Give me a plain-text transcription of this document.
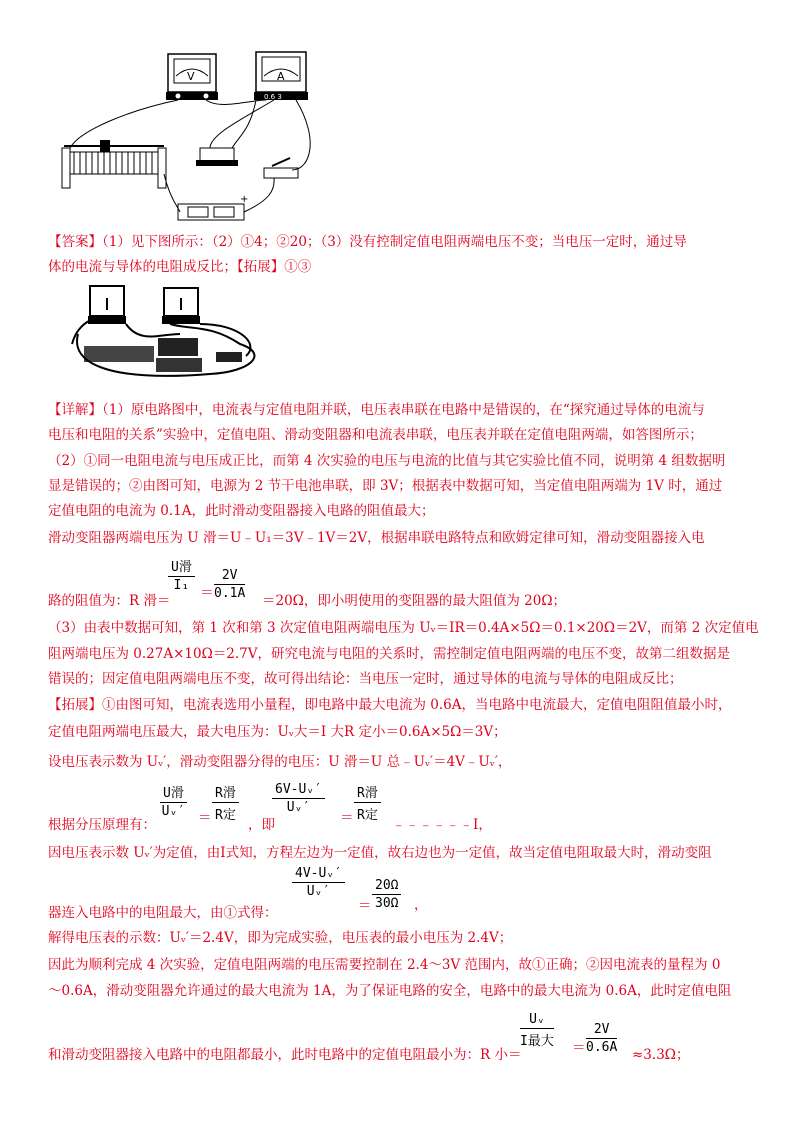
V	A
0.6 3
+
【答案】（1）见下图所示：（2）①4；②20；（3）没有控制定值电阻两端电压不变；当电压一定时，通过导
体的电流与导体的电阻成反比；【拓展】①③
【详解】（1）原电路图中，电流表与定值电阻并联，电压表串联在电路中是错误的，在“探究通过导体的电流与
电压和电阻的关系”实验中，定值电阻、滑动变阻器和电流表串联，电压表并联在定值电阻两端，如答图所示；
（2）①同一电阻电流与电压成正比，而第 4 次实验的电压与电流的比值与其它实验比值不同，说明第 4 组数据明
显是错误的；②由图可知，电源为 2 节干电池串联，即 3V；根据表中数据可知，当定值电阻两端为 1V 时，通过
定值电阻的电流为 0.1A，此时滑动变阻器接入电路的阻值最大；
滑动变阻器两端电压为 U 滑＝U﹣U₁＝3V﹣1V＝2V，根据串联电路特点和欧姆定律可知，滑动变阻器接入电
路的阻值为：R 滑＝
U滑
$I_1 = \frac{2V}{0.1A} =20\Omega$，即小明使用的变阻器的最大阻值为 20Ω；
（3）由表中数据可知，第 1 次和第 3 次定值电阻两端电压为 Uᵥ＝IR＝0.4A×5Ω＝0.1×20Ω＝2V，而第 2 次定值电
阻两端电压为 0.27A×10Ω＝2.7V，研究电流与电阻的关系时，需控制定值电阻两端的电压不变，故第二组数据是
错误的；因定值电阻两端电压不变，故可得出结论：当电压一定时，通过导体的电流与导体的电阻成反比；
【拓展】①由图可知，电流表选用小量程，即电路中最大电流为 0.6A，当电路中电流最大，定值电阻阻值最小时，
定值电阻两端电压最大，最大电压为：Uᵥ大＝I 大R 定小＝0.6A×5Ω＝3V；
设电压表示数为 Uᵥ′，滑动变阻器分得的电压：U 滑＝U 总﹣Uᵥ′＝4V﹣Uᵥ′，
根据分压原理有：
U滑
Uᵥ′ ＝
R滑
R定
，即
$\frac{\text{6V-Uᵥ′}}{\text{Uᵥ′}}$
＝
R滑
R定
﹣﹣﹣﹣﹣﹣Ⅰ，
因电压表示数 Uᵥ′为定值，由Ⅰ式知，方程左边为一定值，故右边也为一定值，故当定值电阻取最大时，滑动变阻
器连入电路中的电阻最大，由①式得：
$\frac{\text{4V-Uᵥ′}}{\text{Uᵥ′}}$
＝ $\frac{20\Omega}{30\Omega}$ ，
解得电压表的示数：Uᵥ′＝2.4V，即为完成实验，电压表的最小电压为 2.4V；
因此为顺利完成 4 次实验，定值电阻两端的电压需要控制在 2.4～3V 范围内，故①正确；②因电流表的量程为 0
～0.6A，滑动变阻器允许通过的最大电流为 1A，为了保证电路的安全，电路中的最大电流为 0.6A，此时定值电阻
和滑动变阻器接入电路中的电阻都最小，此时电路中的定值电阻最小为：R 小＝
Uᵥ
I最大 ＝ $\frac{2V}{0.6A} \approx 3.3\Omega$；
